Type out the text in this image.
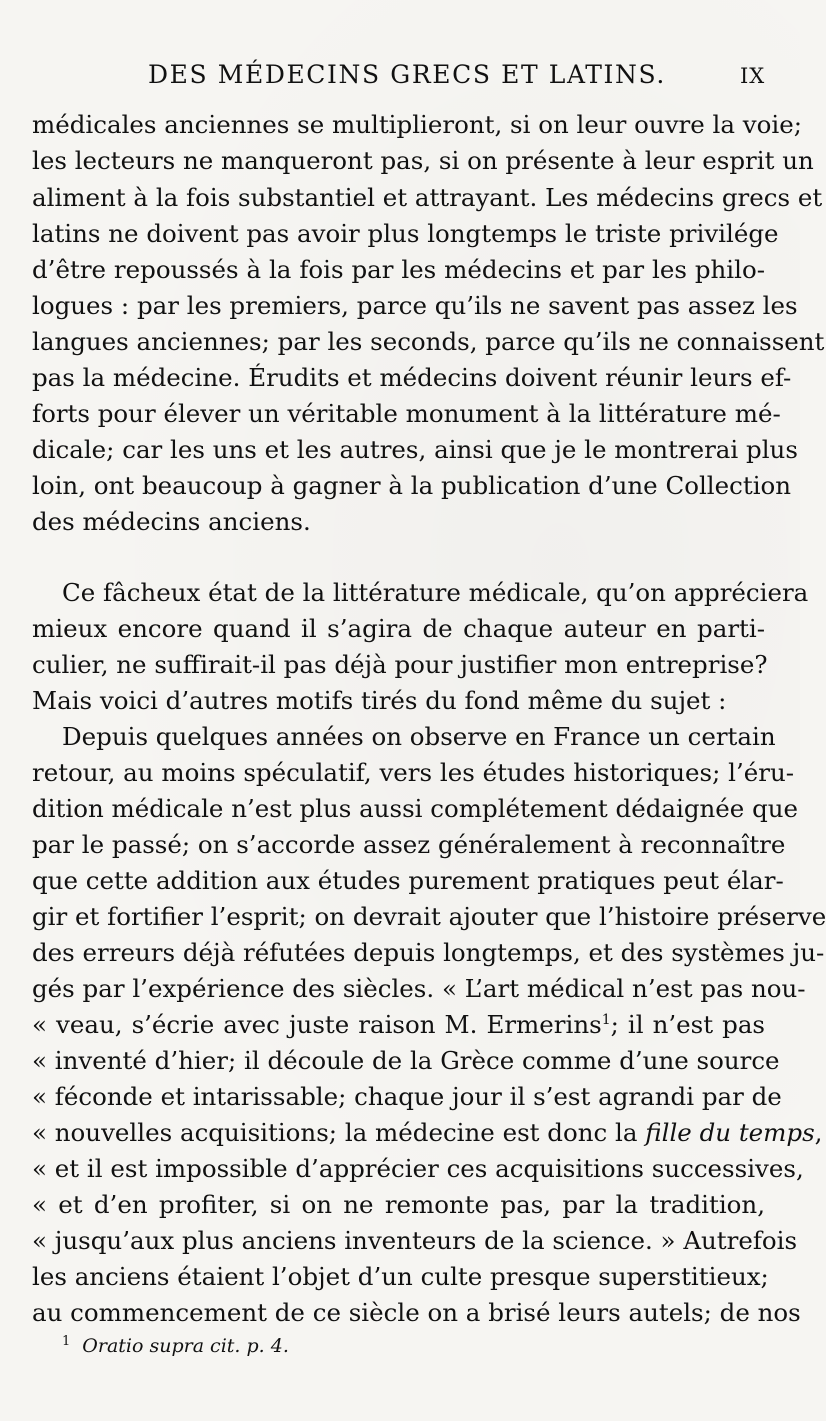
DES MÉDECINS GRECS ET LATINS.	IX
médicales anciennes se multiplieront, si on leur ouvre la voie;
les lecteurs ne manqueront pas, si on présente à leur esprit un
aliment à la fois substantiel et attrayant. Les médecins grecs et
latins ne doivent pas avoir plus longtemps le triste privilége
d’être repoussés à la fois par les médecins et par les philo-
logues : par les premiers, parce qu’ils ne savent pas assez les
langues anciennes; par les seconds, parce qu’ils ne connaissent
pas la médecine. Érudits et médecins doivent réunir leurs ef-
forts pour élever un véritable monument à la littérature mé-
dicale; car les uns et les autres, ainsi que je le montrerai plus
loin, ont beaucoup à gagner à la publication d’une Collection
des médecins anciens.
Ce fâcheux état de la littérature médicale, qu’on appréciera
mieux encore quand il s’agira de chaque auteur en parti-
culier, ne suffirait-il pas déjà pour justifier mon entreprise?
Mais voici d’autres motifs tirés du fond même du sujet :
Depuis quelques années on observe en France un certain
retour, au moins spéculatif, vers les études historiques; l’éru-
dition médicale n’est plus aussi complétement dédaignée que
par le passé; on s’accorde assez généralement à reconnaître
que cette addition aux études purement pratiques peut élar-
gir et fortifier l’esprit; on devrait ajouter que l’histoire préserve
des erreurs déjà réfutées depuis longtemps, et des systèmes ju-
gés par l’expérience des siècles. « L’art médical n’est pas nou-
« veau, s’écrie avec juste raison M. Ermerins$^1$; il n’est pas
« inventé d’hier; il découle de la Grèce comme d’une source
« féconde et intarissable; chaque jour il s’est agrandi par de
« nouvelles acquisitions; la médecine est donc la fille du temps,
« et il est impossible d’apprécier ces acquisitions successives,
« et d’en profiter, si on ne remonte pas, par la tradition,
« jusqu’aux plus anciens inventeurs de la science. » Autrefois
les anciens étaient l’objet d’un culte presque superstitieux;
au commencement de ce siècle on a brisé leurs autels; de nos
$^1$ Oratio supra cit. p. 4.
